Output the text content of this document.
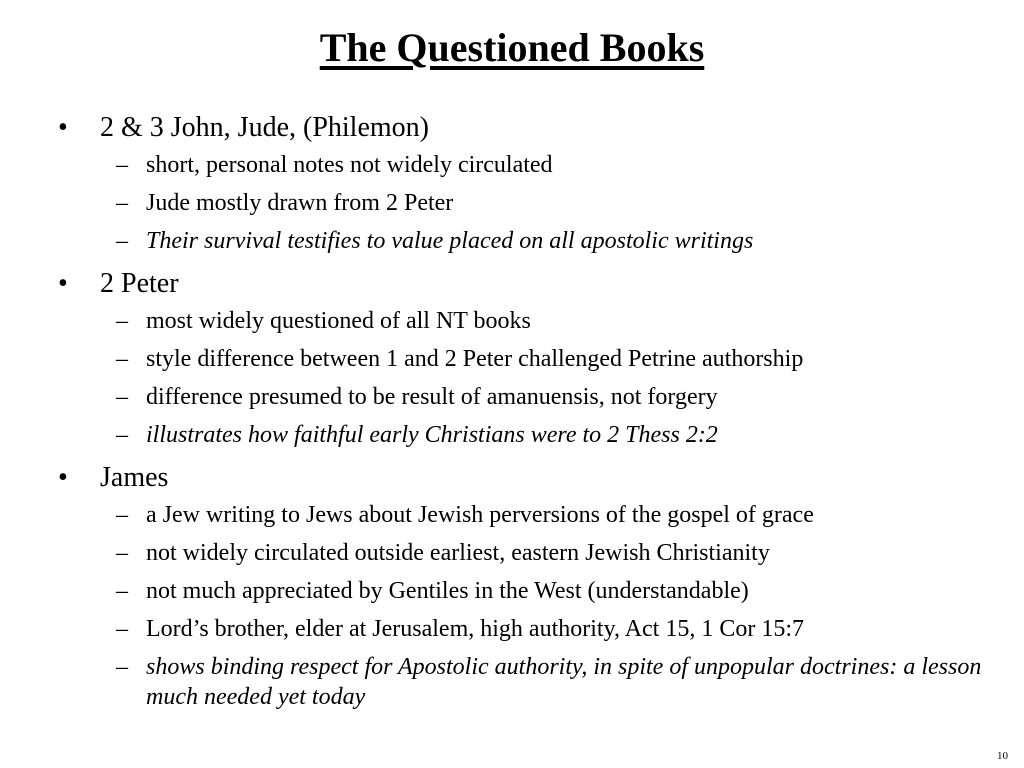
The Questioned Books
• 2 & 3 John, Jude, (Philemon)
– short, personal notes not widely circulated
– Jude mostly drawn from 2 Peter
– Their survival testifies to value placed on all apostolic writings
• 2 Peter
– most widely questioned of all NT books
– style difference between 1 and 2 Peter challenged Petrine authorship
– difference presumed to be result of amanuensis, not forgery
– illustrates how faithful early Christians were to 2 Thess 2:2
• James
– a Jew writing to Jews about Jewish perversions of the gospel of grace
– not widely circulated outside earliest, eastern Jewish Christianity
– not much appreciated by Gentiles in the West (understandable)
– Lord’s brother, elder at Jerusalem, high authority, Act 15, 1 Cor 15:7
– shows binding respect for Apostolic authority, in spite of unpopular doctrines: a lesson much needed yet today
10
